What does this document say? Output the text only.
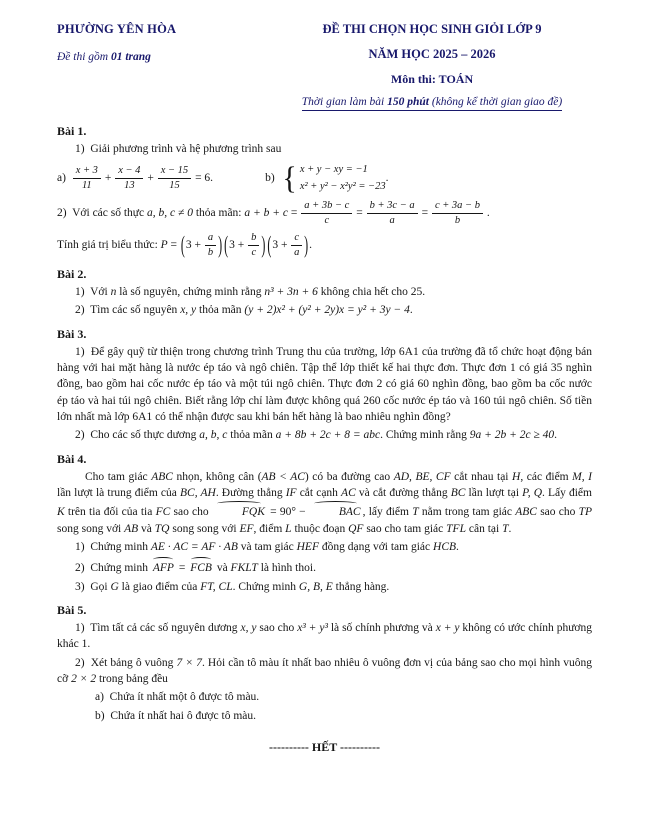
PHƯỜNG YÊN HÒA
Đề thi gồm 01 trang
ĐỀ THI CHỌN HỌC SINH GIỎI LỚP 9
NĂM HỌC 2025 – 2026
Môn thi: TOÁN
Thời gian làm bài 150 phút (không kể thời gian giao đề)
Bài 1.
1)  Giải phương trình và hệ phương trình sau
$a) \frac{x + 3}{11} + \frac{x - 4}{13} + \frac{x - 15}{15} = 6$.	b) { x + y − xy = −1
x² + y² − x²y² = −23
.
2)  Với các số thực a, b, c ≠ 0 thỏa mãn: $a + b + c = \frac{a + 3b - c}{c} = \frac{b + 3c - a}{a} = \frac{c + 3a - b}{b}$ .
Tính giá trị biểu thức: $P = (3 + \frac{a}{b}$ ) ($3 + \frac{b}{c}$ ) ($3 + \frac{c}{a}$ ).
Bài 2.
1)  Với n là số nguyên, chứng minh rằng n³ + 3n + 6 không chia hết cho 25.
2)  Tìm các số nguyên x, y thỏa mãn (y + 2)x² + (y² + 2y)x = y² + 3y − 4.
Bài 3.
1)  Để gây quỹ từ thiện trong chương trình Trung thu của trường, lớp 6A1 của trường đã tổ chức hoạt động bán hàng với hai mặt hàng là nước ép táo và ngô chiên. Tập thể lớp thiết kế hai thực đơn. Thực đơn 1 có giá 35 nghìn đồng, bao gồm hai cốc nước ép táo và một túi ngô chiên. Thực đơn 2 có giá 60 nghìn đồng, bao gồm ba cốc nước ép táo và hai túi ngô chiên. Biết rằng lớp chỉ làm được không quá 260 cốc nước ép táo và 160 túi ngô chiên. Số tiền lớn nhất mà lớp 6A1 có thể nhận được sau khi bán hết hàng là bao nhiêu nghìn đồng?
2)  Cho các số thực dương a, b, c thỏa mãn a + 8b + 2c + 8 = abc. Chứng minh rằng 9a + 2b + 2c ≥ 40.
Bài 4.
Cho tam giác ABC nhọn, không cân (AB < AC) có ba đường cao AD, BE, CF cắt nhau tại H, các điểm M, I lần lượt là trung điểm của BC, AH. Đường thẳng IF cắt cạnh AC và cắt đường thẳng BC lần lượt tại P, Q. Lấy điểm K trên tia đối của tia FC sao cho	FQK = 90° −	BAC , lấy điểm T nằm trong tam giác ABC sao cho TP song song với AB và TQ song song với EF, điểm L thuộc đoạn QF sao cho tam giác TFL cân tại T.
1)  Chứng minh AE · AC = AF · AB và tam giác HEF đồng dạng với tam giác HCB.
2)  Chứng minh AFP = FCB và FKLT là hình thoi.
3)  Gọi G là giao điểm của FT, CL. Chứng minh G, B, E thẳng hàng.
Bài 5.
1)  Tìm tất cả các số nguyên dương x, y sao cho x³ + y³ là số chính phương và x + y không có ước chính phương khác 1.
2)  Xét bảng ô vuông 7 × 7. Hỏi cần tô màu ít nhất bao nhiêu ô vuông đơn vị của bảng sao cho mọi hình vuông cỡ 2 × 2 trong bảng đều
a)  Chứa ít nhất một ô được tô màu.
b)  Chứa ít nhất hai ô được tô màu.
---------- HẾT ----------
